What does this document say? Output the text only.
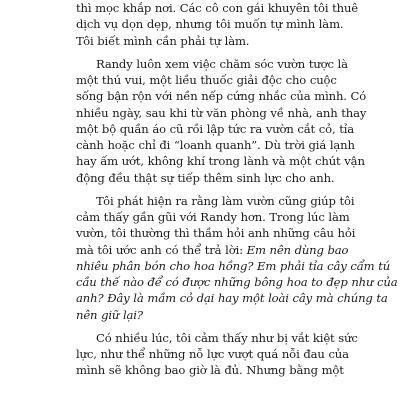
thì mọc khắp nơi. Các cô con gái khuyên tôi thuê
dịch vụ dọn dẹp, nhưng tôi muốn tự mình làm.
Tôi biết mình cần phải tự làm.
Randy luôn xem việc chăm sóc vườn tược là
một thú vui, một liều thuốc giải độc cho cuộc
sống bận rộn với nền nếp cứng nhắc của mình. Có
nhiều ngày, sau khi từ văn phòng về nhà, anh thay
một bộ quần áo cũ rồi lập tức ra vườn cắt cỏ, tỉa
cành hoặc chỉ đi “loanh quanh”. Dù trời giá lạnh
hay ấm ướt, không khí trong lành và một chút vận
động đều thật sự tiếp thêm sinh lực cho anh.
Tôi phát hiện ra rằng làm vườn cũng giúp tôi
cảm thấy gần gũi với Randy hơn. Trong lúc làm
vườn, tôi thường thì thầm hỏi anh những câu hỏi
mà tôi ước anh có thể trả lời: Em nên dùng bao
nhiêu phân bón cho hoa hồng? Em phải tỉa cây cẩm tú
cầu thế nào để có được những bông hoa to đẹp như của
anh? Đây là mầm cỏ dại hay một loài cây mà chúng ta
nên giữ lại?
Có nhiều lúc, tôi cảm thấy như bị vắt kiệt sức
lực, như thể những nỗ lực vượt quá nỗi đau của
mình sẽ không bao giờ là đủ. Nhưng bằng một
